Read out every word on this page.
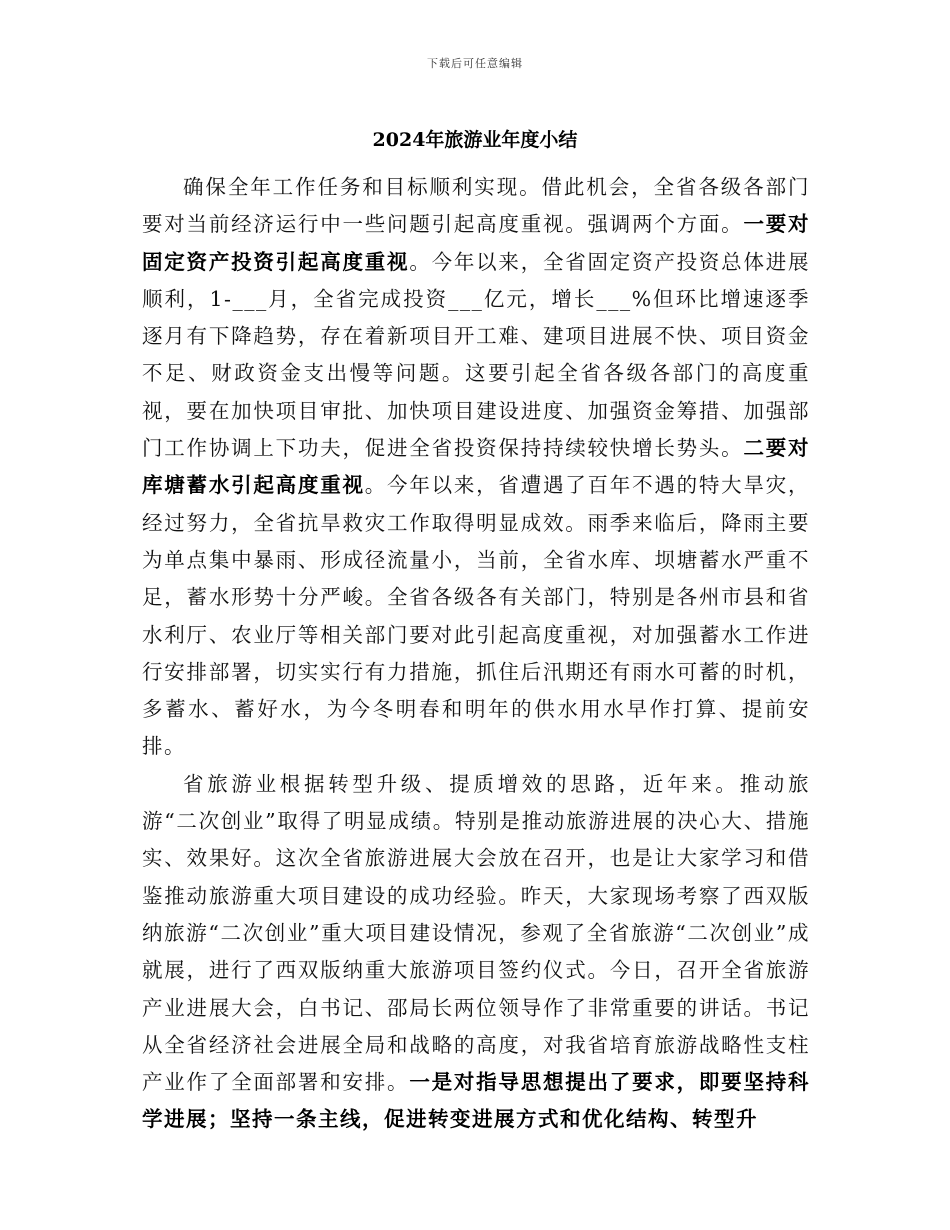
下载后可任意编辑
2024年旅游业年度小结

确保全年工作任务和目标顺利实现。借此机会，全省各级各部门要对当前经济运行中一些问题引起高度重视。强调两个方面。一要对固定资产投资引起高度重视。今年以来，全省固定资产投资总体进展顺利，1-___月，全省完成投资___亿元，增长___%但环比增速逐季逐月有下降趋势，存在着新项目开工难、建项目进展不快、项目资金不足、财政资金支出慢等问题。这要引起全省各级各部门的高度重视，要在加快项目审批、加快项目建设进度、加强资金筹措、加强部门工作协调上下功夫，促进全省投资保持持续较快增长势头。二要对库塘蓄水引起高度重视。今年以来，省遭遇了百年不遇的特大旱灾，经过努力，全省抗旱救灾工作取得明显成效。雨季来临后，降雨主要为单点集中暴雨、形成径流量小，当前，全省水库、坝塘蓄水严重不足，蓄水形势十分严峻。全省各级各有关部门，特别是各州市县和省水利厅、农业厅等相关部门要对此引起高度重视，对加强蓄水工作进行安排部署，切实实行有力措施，抓住后汛期还有雨水可蓄的时机，多蓄水、蓄好水，为今冬明春和明年的供水用水早作打算、提前安排。

省旅游业根据转型升级、提质增效的思路，近年来。推动旅游“二次创业”取得了明显成绩。特别是推动旅游进展的决心大、措施实、效果好。这次全省旅游进展大会放在召开，也是让大家学习和借鉴推动旅游重大项目建设的成功经验。昨天，大家现场考察了西双版纳旅游“二次创业”重大项目建设情况，参观了全省旅游“二次创业”成就展，进行了西双版纳重大旅游项目签约仪式。今日，召开全省旅游产业进展大会，白书记、邵局长两位领导作了非常重要的讲话。书记从全省经济社会进展全局和战略的高度，对我省培育旅游战略性支柱产业作了全面部署和安排。一是对指导思想提出了要求，即要坚持科学进展；坚持一条主线，促进转变进展方式和优化结构、转型升
